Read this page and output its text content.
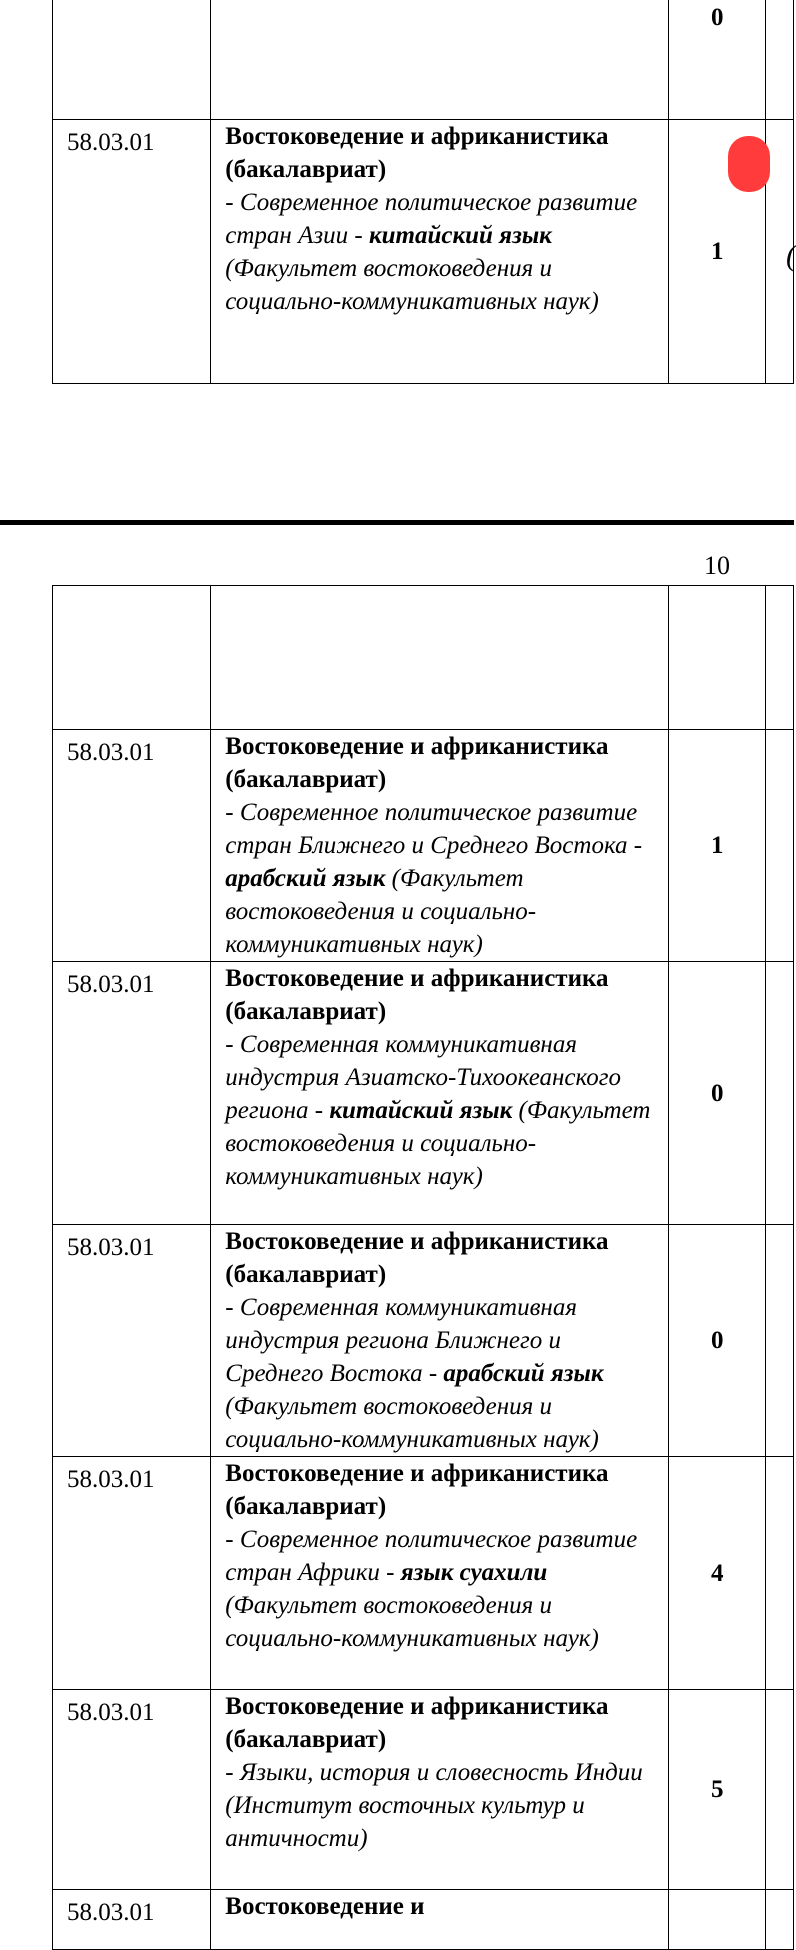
	0	
58.03.01	Востоковедение и африканистика (бакалавриат)
- Современное политическое развитие стран Азии - китайский язык (Факультет востоковедения и социально-коммуникативных наук)	1	(
10

58.03.01	Востоковедение и африканистика (бакалавриат)
- Современное политическое развитие стран Ближнего и Среднего Востока - арабский язык (Факультет востоковедения и социально-коммуникативных наук)	1	
58.03.01	Востоковедение и африканистика (бакалавриат)
- Современная коммуникативная индустрия Азиатско-Тихоокеанского региона - китайский язык (Факультет востоковедения и социально-коммуникативных наук)	0	
58.03.01	Востоковедение и африканистика (бакалавриат)
- Современная коммуникативная индустрия региона Ближнего и Среднего Востока - арабский язык (Факультет востоковедения и социально-коммуникативных наук)	0	
58.03.01	Востоковедение и африканистика (бакалавриат)
- Современное политическое развитие стран Африки - язык суахили (Факультет востоковедения и социально-коммуникативных наук)	4	
58.03.01	Востоковедение и африканистика (бакалавриат)
- Языки, история и словесность Индии
(Институт восточных культур и античности)	5	
58.03.01	Востоковедение и		
